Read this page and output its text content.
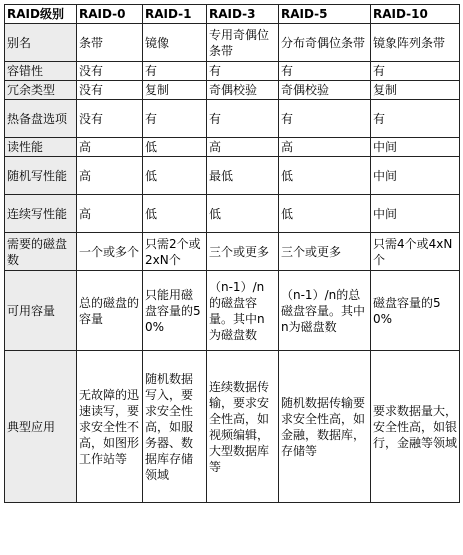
RAID级别	RAID-0	RAID-1	RAID-3	RAID-5	RAID-10
别名	条带	镜像	专用奇偶位条带	分布奇偶位条带	镜象阵列条带
容错性	没有	有	有	有	有
冗余类型	没有	复制	奇偶校验	奇偶校验	复制
热备盘选项	没有	有	有	有	有
读性能	高	低	高	高	中间
随机写性能	高	低	最低	低	中间
连续写性能	高	低	低	低	中间
需要的磁盘数	一个或多个	只需2个或2xN个	三个或更多	三个或更多	只需4个或4xN个
可用容量	总的磁盘的容量	只能用磁盘容量的50%	（n-1）/n的磁盘容量。其中n为磁盘数	（n-1）/n的总磁盘容量。其中n为磁盘数	磁盘容量的50%
典型应用	无故障的迅速读写，要求安全性不高，如图形工作站等	随机数据写入，要求安全性高，如服务器、数据库存储领域	连续数据传输，要求安全性高，如视频编辑，大型数据库等	随机数据传输要求安全性高，如金融，数据库，存储等	要求数据量大，安全性高，如银行，金融等领域
